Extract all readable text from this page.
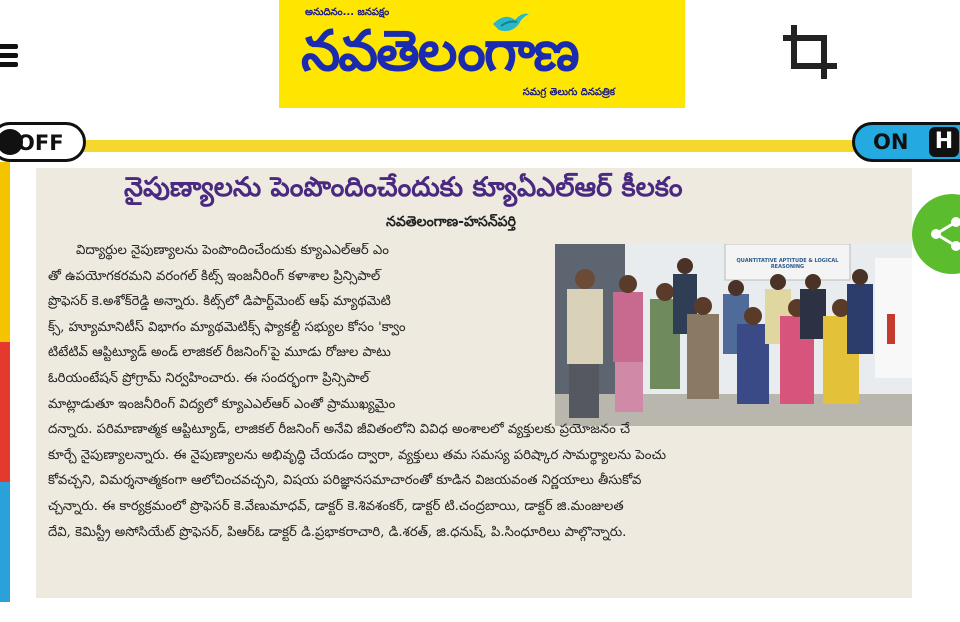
అనుదినం... జనపక్షం
నవతెలంగాణ
సమగ్ర తెలుగు దినపత్రిక
OFF	ON H
నైపుణ్యాలను పెంపొందించేందుకు క్యూఏఎల్‌ఆర్ కీలకం
నవతెలంగాణ-హసన్‌పర్తి
QUANTITATIVE APTITUDE & LOGICAL REASONING
విద్యార్థుల నైపుణ్యాలను పెంపొందించేందుకు క్యూఎఎల్ఆర్ ఎం
తో ఉపయోగకరమని వరంగల్ కిట్స్ ఇంజనీరింగ్ కళాశాల ప్రిన్సిపాల్
ప్రొఫెసర్ కె.అశోక్‌రెడ్డి అన్నారు. కిట్స్‌లో డిపార్ట్‌మెంట్ ఆఫ్ మ్యాథమెటి
క్స్, హ్యూమానిటీస్ విభాగం మ్యాథమెటిక్స్ ఫ్యాకల్టీ సభ్యుల కోసం 'క్వాం
టిటేటివ్ ఆప్టిట్యూడ్ అండ్ లాజికల్ రీజనింగ్'పై మూడు రోజుల పాటు
ఓరియంటేషన్ ప్రోగ్రామ్ నిర్వహించారు. ఈ సందర్భంగా ప్రిన్సిపాల్
మాట్లాడుతూ ఇంజనీరింగ్ విద్యలో క్యూఎఎల్ఆర్ ఎంతో ప్రాముఖ్యమైం
దన్నారు. పరిమాణాత్మక ఆప్టిట్యూడ్, లాజికల్ రీజనింగ్ అనేవి జీవితంలోని వివిధ అంశాలలో వ్యక్తులకు ప్రయోజనం చే
కూర్చే నైపుణ్యాలన్నారు. ఈ నైపుణ్యాలను అభివృద్ధి చేయడం ద్వారా, వ్యక్తులు తమ సమస్య పరిష్కార సామర్థ్యాలను పెంచు
కోవచ్చని, విమర్శనాత్మకంగా ఆలోచించవచ్చని, విషయ పరిజ్ఞానసమాచారంతో కూడిన విజయవంత నిర్ణయాలు తీసుకోవ
చ్చన్నారు. ఈ కార్యక్రమంలో ప్రొఫెసర్ కె.వేణుమాధవ్, డాక్టర్ కె.శివశంకర్, డాక్టర్ టి.చంద్రబాయి, డాక్టర్ జి.మంజులత
దేవి, కెమిస్ట్రీ అసోసియేట్ ప్రొఫెసర్, పిఆర్ఓ డాక్టర్ డి.ప్రభాకరాచారి, డి.శరత్, జి.ధనుష్, పి.సింధూరిలు పాల్గొన్నారు.
